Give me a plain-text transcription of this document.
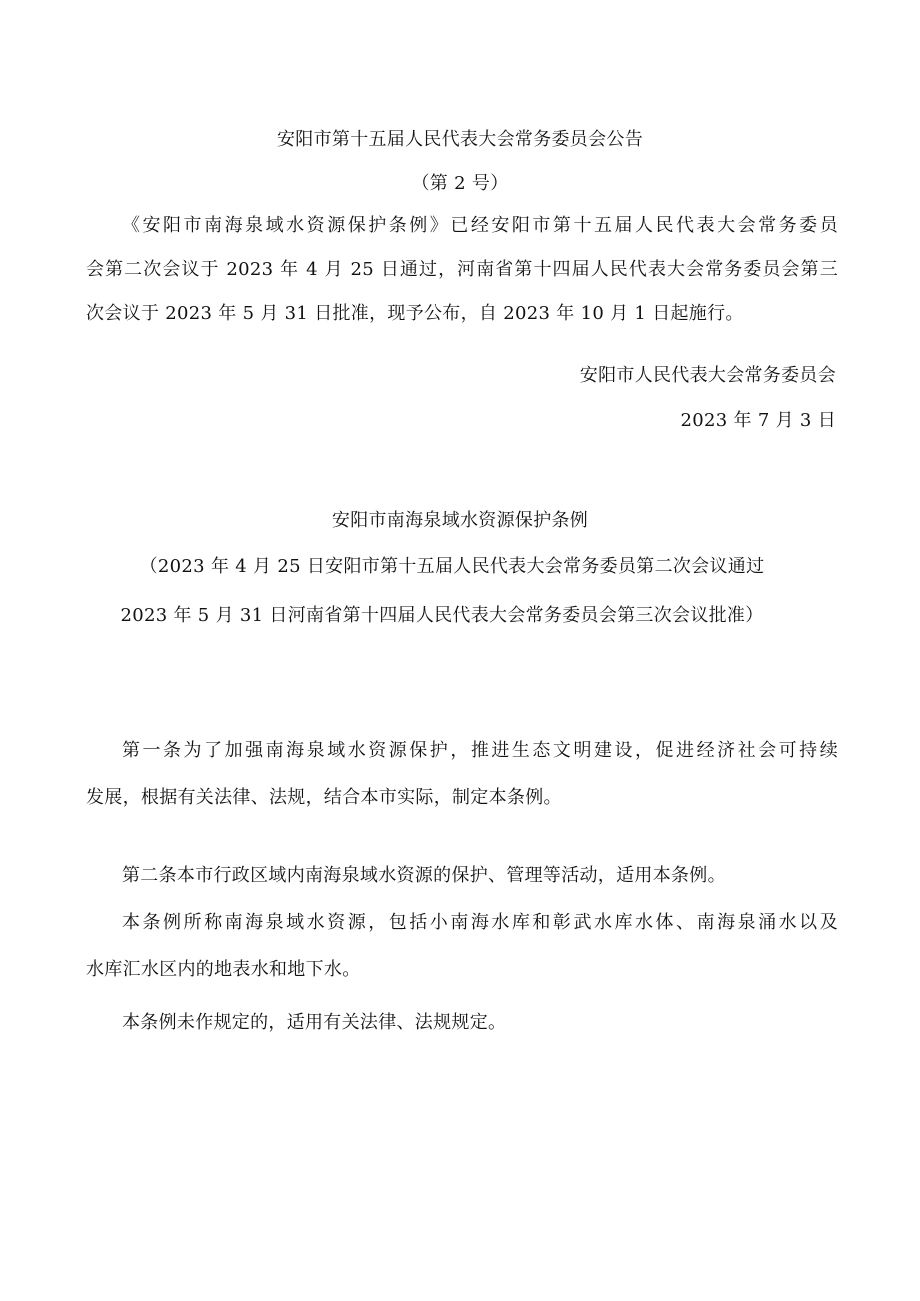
安阳市第十五届人民代表大会常务委员会公告
（第 2 号）
《安阳市南海泉域水资源保护条例》已经安阳市第十五届人民代表大会常务委员
会第二次会议于 2023 年 4 月 25 日通过，河南省第十四届人民代表大会常务委员会第三
次会议于 2023 年 5 月 31 日批准，现予公布，自 2023 年 10 月 1 日起施行。
安阳市人民代表大会常务委员会
2023 年 7 月 3 日
安阳市南海泉域水资源保护条例
（2023 年 4 月 25 日安阳市第十五届人民代表大会常务委员第二次会议通过
2023 年 5 月 31 日河南省第十四届人民代表大会常务委员会第三次会议批准）
第一条为了加强南海泉域水资源保护，推进生态文明建设，促进经济社会可持续
发展，根据有关法律、法规，结合本市实际，制定本条例。
第二条本市行政区域内南海泉域水资源的保护、管理等活动，适用本条例。
本条例所称南海泉域水资源，包括小南海水库和彰武水库水体、南海泉涌水以及
水库汇水区内的地表水和地下水。
本条例未作规定的，适用有关法律、法规规定。
